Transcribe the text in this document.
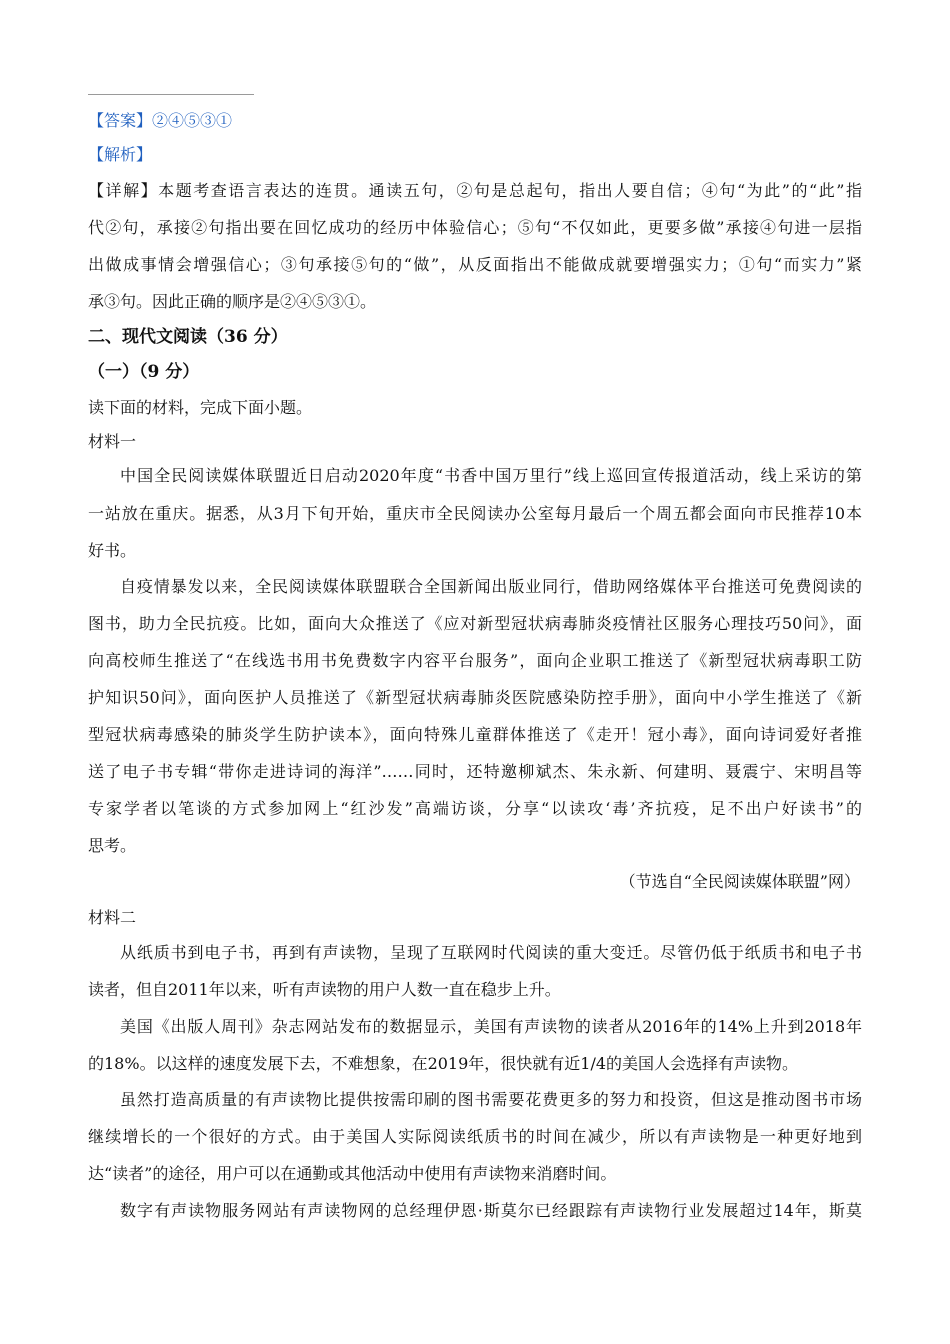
【答案】②④⑤③①
【解析】
【详解】本题考查语言表达的连贯。通读五句，②句是总起句，指出人要自信；④句“为此”的“此”指
代②句，承接②句指出要在回忆成功的经历中体验信心；⑤句“不仅如此，更要多做”承接④句进一层指
出做成事情会增强信心；③句承接⑤句的“做”，从反面指出不能做成就要增强实力；①句“而实力”紧
承③句。因此正确的顺序是②④⑤③①。
二、现代文阅读（36 分）
（一）（9 分）
读下面的材料，完成下面小题。
材料一
中国全民阅读媒体联盟近日启动2020年度“书香中国万里行”线上巡回宣传报道活动，线上采访的第
一站放在重庆。据悉，从3月下旬开始，重庆市全民阅读办公室每月最后一个周五都会面向市民推荐10本
好书。
自疫情暴发以来，全民阅读媒体联盟联合全国新闻出版业同行，借助网络媒体平台推送可免费阅读的
图书，助力全民抗疫。比如，面向大众推送了《应对新型冠状病毒肺炎疫情社区服务心理技巧50问》，面
向高校师生推送了“在线选书用书免费数字内容平台服务”，面向企业职工推送了《新型冠状病毒职工防
护知识50问》，面向医护人员推送了《新型冠状病毒肺炎医院感染防控手册》，面向中小学生推送了《新
型冠状病毒感染的肺炎学生防护读本》，面向特殊儿童群体推送了《走开！冠小毒》，面向诗词爱好者推
送了电子书专辑“带你走进诗词的海洋”……同时，还特邀柳斌杰、朱永新、何建明、聂震宁、宋明昌等
专家学者以笔谈的方式参加网上“红沙发”高端访谈，分享“以读攻‘毒’齐抗疫，足不出户好读书”的
思考。
（节选自“全民阅读媒体联盟”网）
材料二
从纸质书到电子书，再到有声读物，呈现了互联网时代阅读的重大变迁。尽管仍低于纸质书和电子书
读者，但自2011年以来，听有声读物的用户人数一直在稳步上升。
美国《出版人周刊》杂志网站发布的数据显示，美国有声读物的读者从2016年的14%上升到2018年
的18%。以这样的速度发展下去，不难想象，在2019年，很快就有近1/4的美国人会选择有声读物。
虽然打造高质量的有声读物比提供按需印刷的图书需要花费更多的努力和投资，但这是推动图书市场
继续增长的一个很好的方式。由于美国人实际阅读纸质书的时间在减少，所以有声读物是一种更好地到
达“读者”的途径，用户可以在通勤或其他活动中使用有声读物来消磨时间。
数字有声读物服务网站有声读物网的总经理伊恩·斯莫尔已经跟踪有声读物行业发展超过14年，斯莫
